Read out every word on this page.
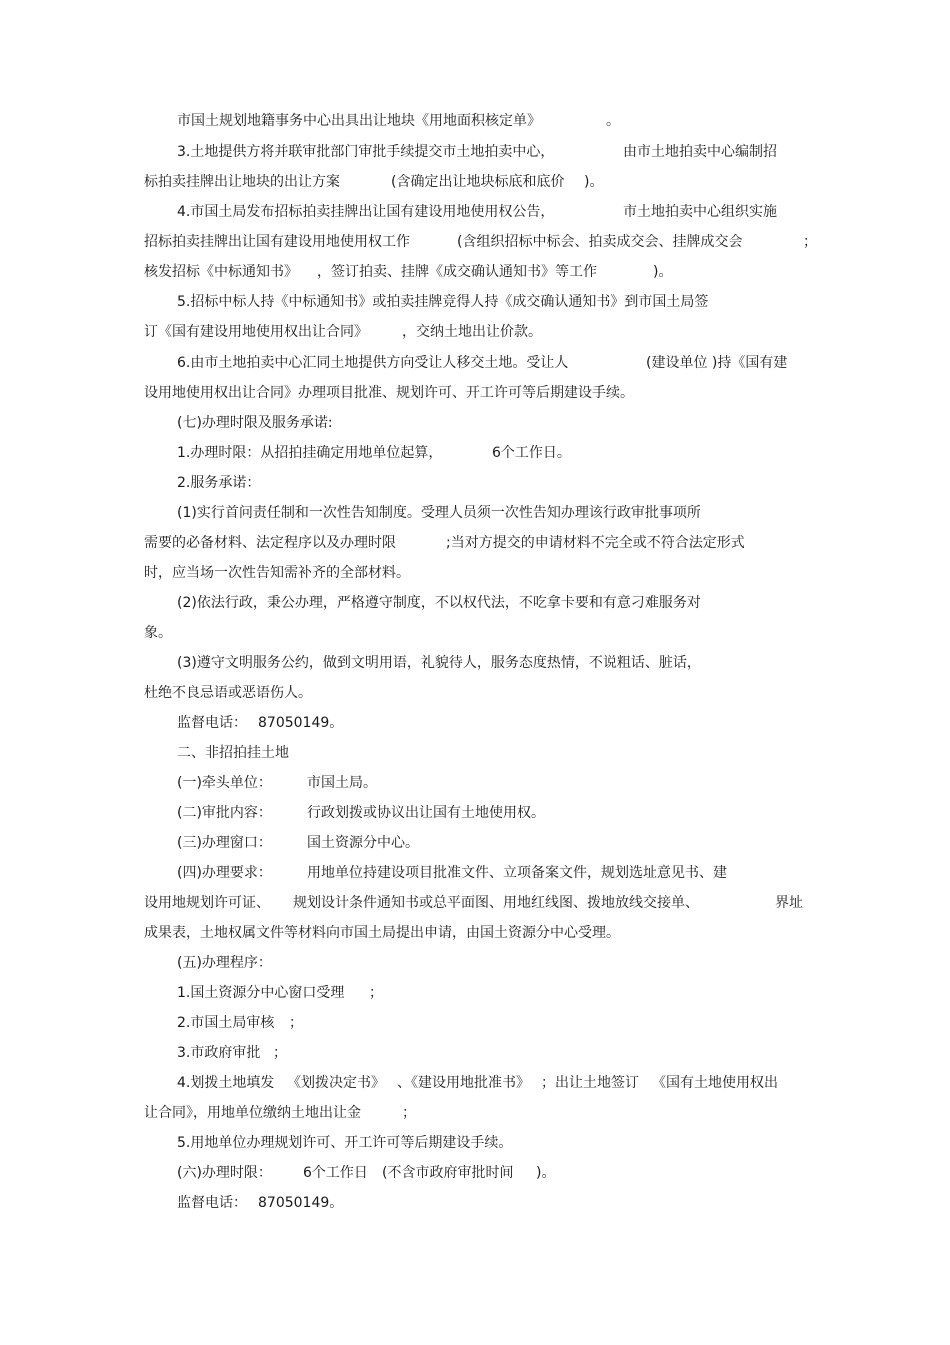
市国土规划地籍事务中心出具出让地块《用地面积核定单》	。
3.土地提供方将并联审批部门审批手续提交市土地拍卖中心，	由市土地拍卖中心编制招
标拍卖挂牌出让地块的出让方案	(含确定出让地块标底和底价 )。
4.市国土局发布招标拍卖挂牌出让国有建设用地使用权公告，	市土地拍卖中心组织实施
招标拍卖挂牌出让国有建设用地使用权工作	(含组织招标中标会、拍卖成交会、挂牌成交会	；
核发招标《中标通知书》 ，签订拍卖、挂牌《成交确认通知书》等工作	)。
5.招标中标人持《中标通知书》或拍卖挂牌竞得人持《成交确认通知书》到市国土局签
订《国有建设用地使用权出让合同》 ，交纳土地出让价款。
6.由市土地拍卖中心汇同土地提供方向受让人移交土地。受让人	(建设单位 )持《国有建
设用地使用权出让合同》办理项目批准、规划许可、开工许可等后期建设手续。
(七)办理时限及服务承诺:
1.办理时限：从招拍挂确定用地单位起算，	6个工作日。
2.服务承诺：
(1)实行首问责任制和一次性告知制度。受理人员须一次性告知办理该行政审批事项所
需要的必备材料、法定程序以及办理时限	;当对方提交的申请材料不完全或不符合法定形式
时，应当场一次性告知需补齐的全部材料。
(2)依法行政，秉公办理，严格遵守制度，不以权代法，不吃拿卡要和有意刁难服务对
象。
(3)遵守文明服务公约，做到文明用语，礼貌待人，服务态度热情，不说粗话、脏话，
杜绝不良忌语或恶语伤人。
监督电话： 87050149。
二、非招拍挂土地
(一)牵头单位：	市国土局。
(二)审批内容：	行政划拨或协议出让国有土地使用权。
(三)办理窗口：	国土资源分中心。
(四)办理要求：	用地单位持建设项目批准文件、立项备案文件，规划选址意见书、建
设用地规划许可证、 规划设计条件通知书或总平面图、用地红线图、拨地放线交接单、	界址
成果表，土地权属文件等材料向市国土局提出申请，由国土资源分中心受理。
(五)办理程序：
1.国土资源分中心窗口受理 ；
2.市国土局审核 ；
3.市政府审批 ；
4.划拨土地填发 《划拨决定书》 、《建设用地批准书》 ；出让土地签订 《国有土地使用权出
让合同》，用地单位缴纳土地出让金	；
5.用地单位办理规划许可、开工许可等后期建设手续。
(六)办理时限： 6个工作日 (不含市政府审批时间 )。
监督电话： 87050149。
